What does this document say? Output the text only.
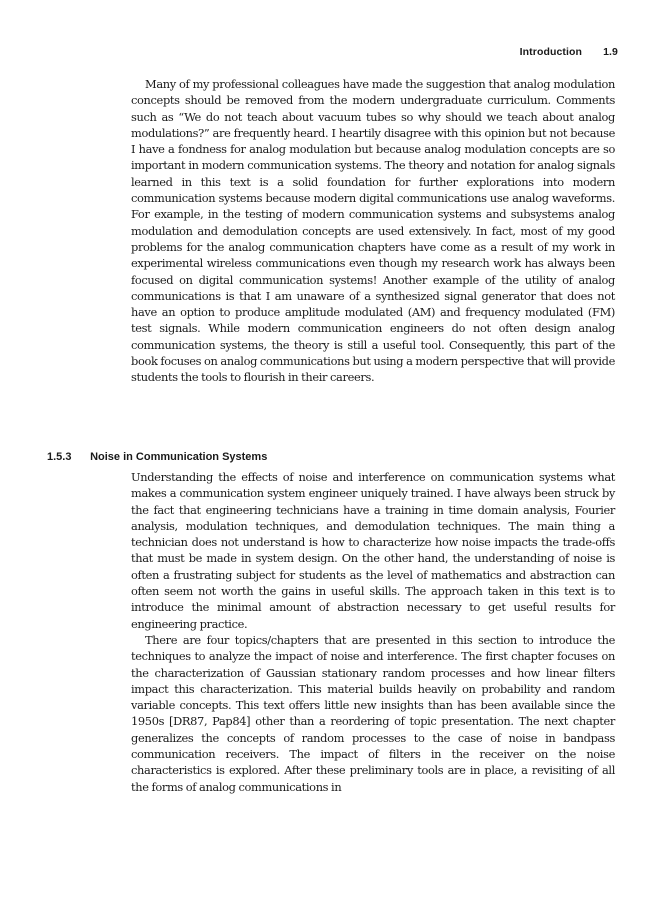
Introduction 1.9

Many of my professional colleagues have made the suggestion that analog modulation concepts should be removed from the modern undergraduate curriculum. Comments such as “We do not teach about vacuum tubes so why should we teach about analog modulations?” are frequently heard. I heartily disagree with this opinion but not because I have a fondness for analog modulation but because analog modulation concepts are so important in modern communication systems. The theory and notation for analog signals learned in this text is a solid foundation for further explorations into modern communication systems because modern digital communications use analog waveforms. For example, in the testing of modern communication systems and subsystems analog modulation and demodulation concepts are used extensively. In fact, most of my good problems for the analog communication chapters have come as a result of my work in experimental wireless communications even though my research work has always been focused on digital communication systems! Another example of the utility of analog communications is that I am unaware of a synthesized signal generator that does not have an option to produce amplitude modulated (AM) and frequency modulated (FM) test signals. While modern communication engineers do not often design analog communication systems, the theory is still a useful tool. Consequently, this part of the book focuses on analog communications but using a modern perspective that will provide students the tools to flourish in their careers.

1.5.3 Noise in Communication Systems

Understanding the effects of noise and interference on communication systems what makes a communication system engineer uniquely trained. I have always been struck by the fact that engineering technicians have a training in time domain analysis, Fourier analysis, modulation techniques, and demodulation techniques. The main thing a technician does not understand is how to characterize how noise impacts the trade-offs that must be made in system design. On the other hand, the understanding of noise is often a frustrating subject for students as the level of mathematics and abstraction can often seem not worth the gains in useful skills. The approach taken in this text is to introduce the minimal amount of abstraction necessary to get useful results for engineering practice.

There are four topics/chapters that are presented in this section to introduce the techniques to analyze the impact of noise and interference. The first chapter focuses on the characterization of Gaussian stationary random processes and how linear filters impact this characterization. This material builds heavily on probability and random variable concepts. This text offers little new insights than has been available since the 1950s [DR87, Pap84] other than a reordering of topic presentation. The next chapter generalizes the concepts of random processes to the case of noise in bandpass communication receivers. The impact of filters in the receiver on the noise characteristics is explored. After these preliminary tools are in place, a revisiting of all the forms of analog communications in
